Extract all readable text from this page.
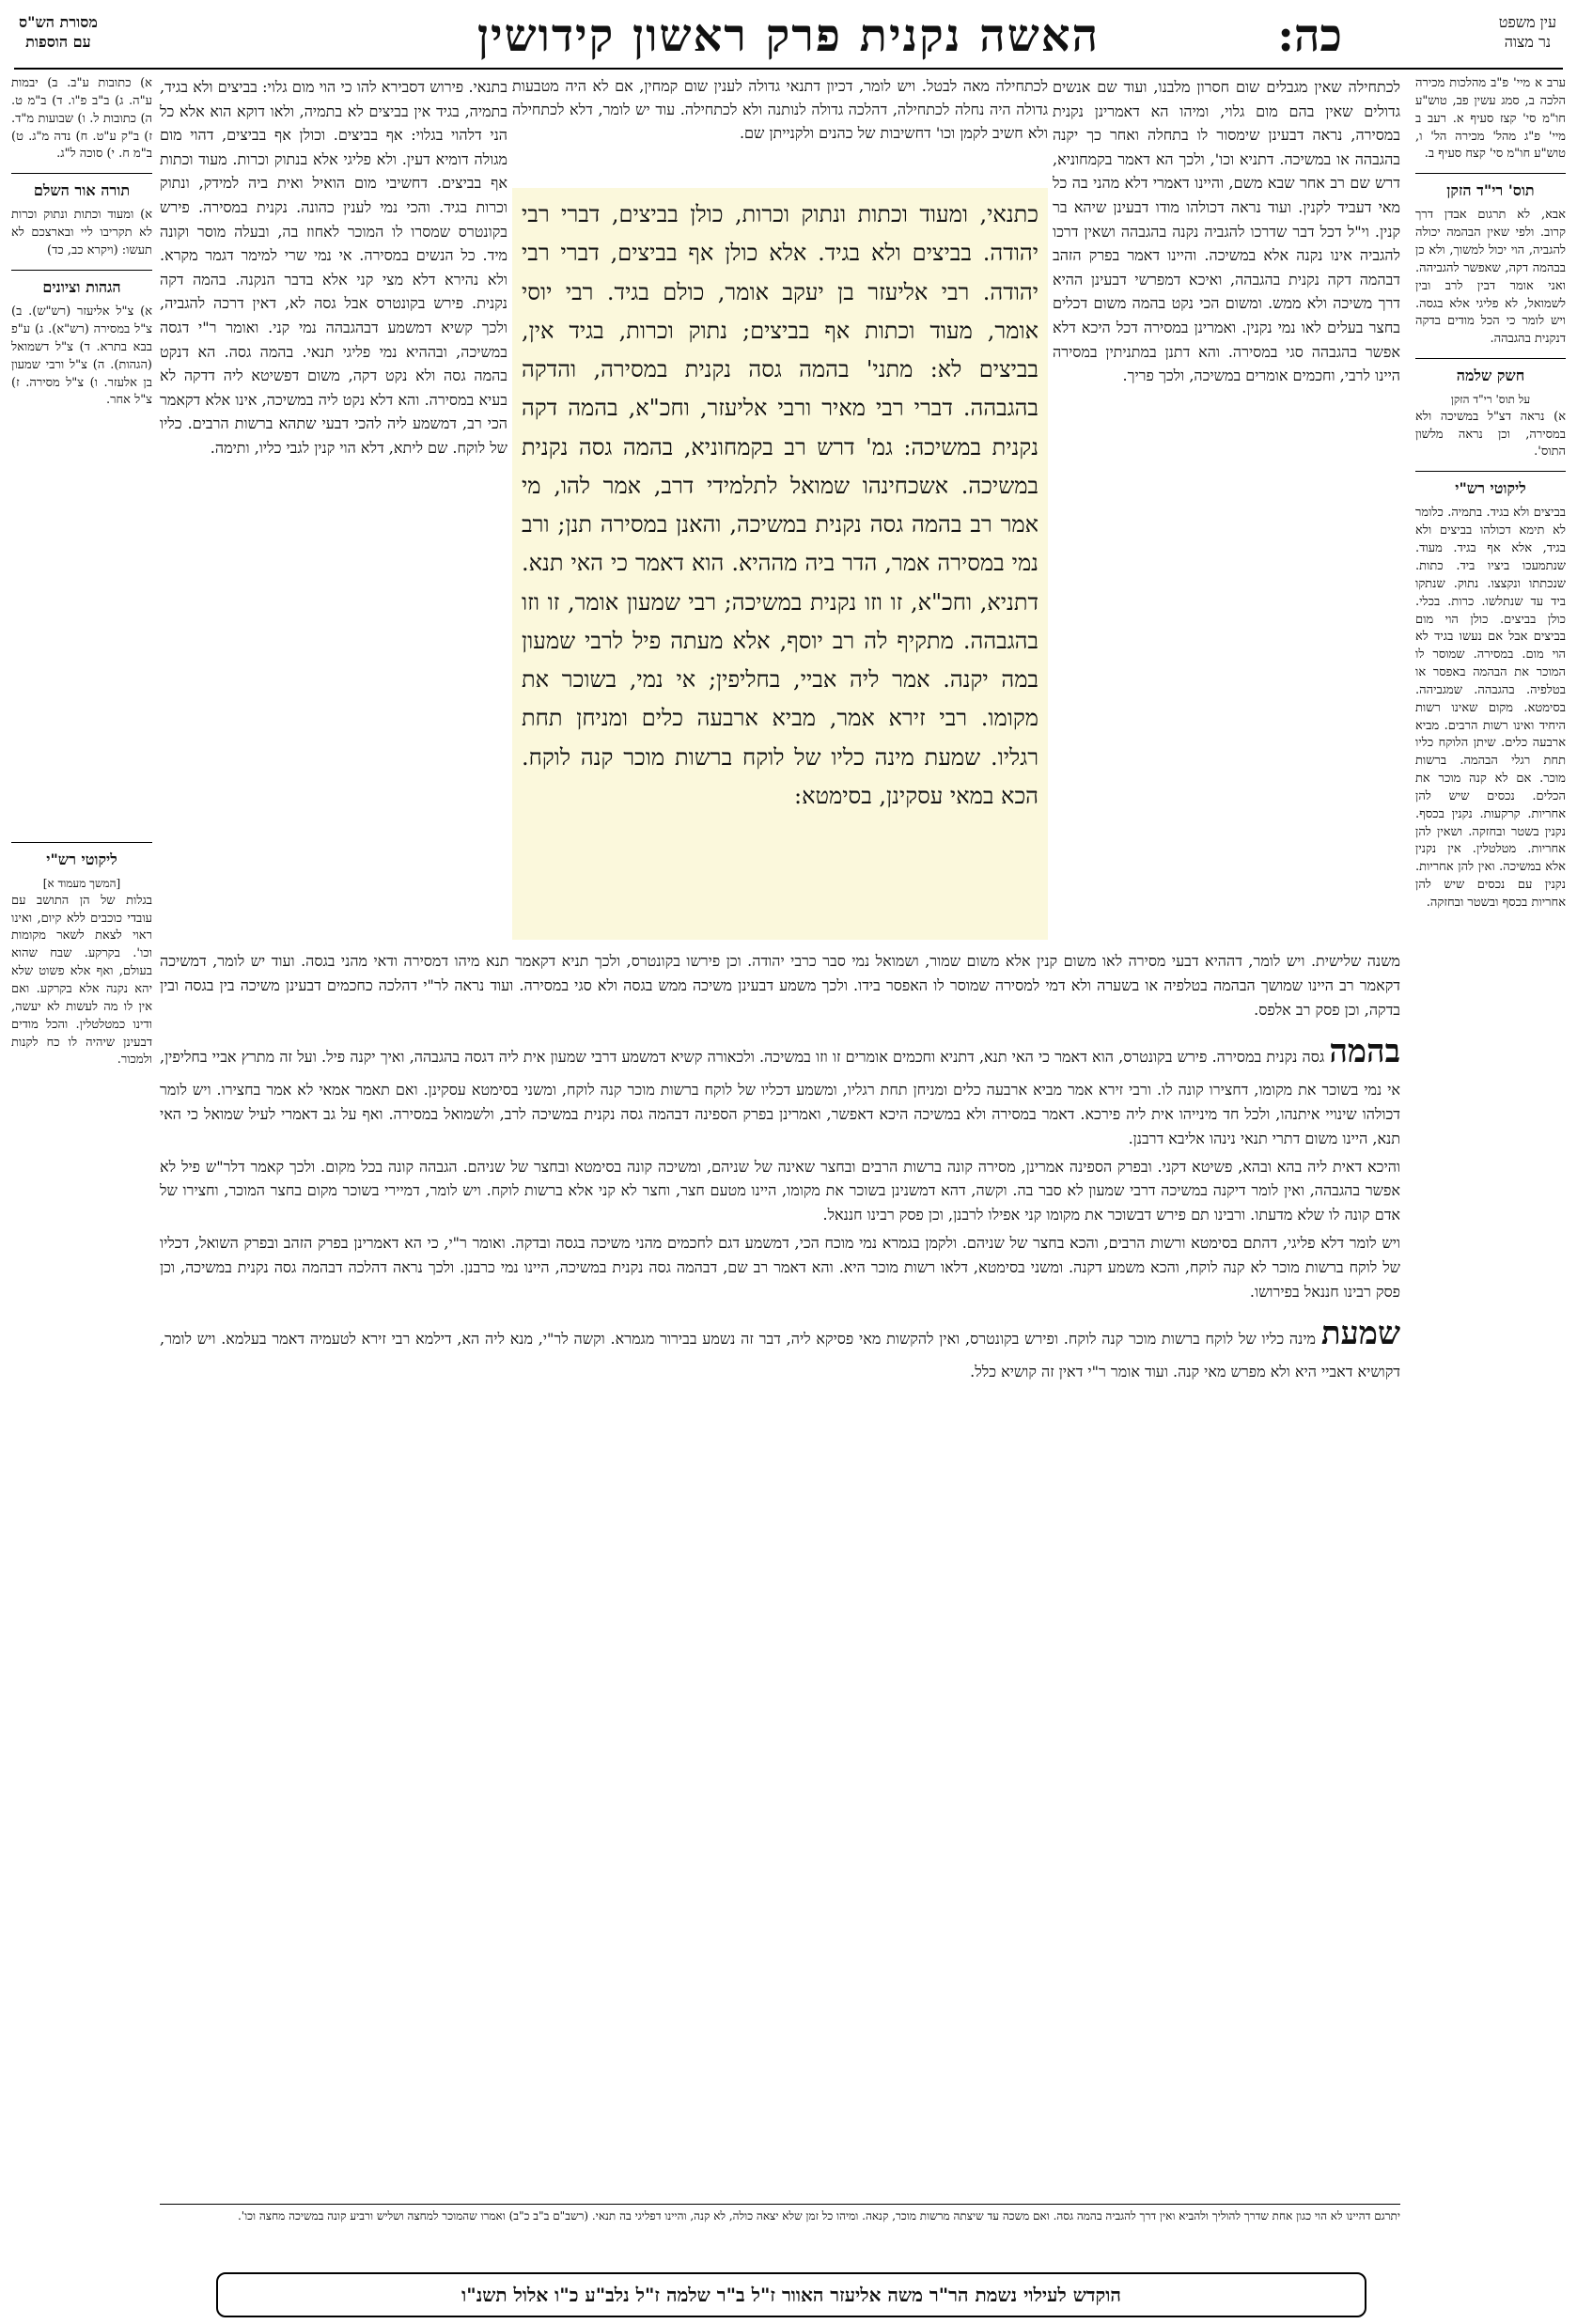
עין משפט
נר מצוה
כה:
האשה נקנית פרק ראשון קידושין
מסורת הש"ס
עם הוספות

ערב א מיי' פ"ב מהלכות מכירה הלכה ב, סמג עשין פב, טוש"ע חו"מ סי' קצז סעיף א. רעב ב מיי' פ"ג מהל' מכירה הל' ו, טוש"ע חו"מ סי' קצח סעיף ב.

תוס' רי"ד הזקן

אבא, לא תרגום אבדן דרך קרוב. ולפי שאין הבהמה יכולה להגביה, הוי יכול למשוך, ולא כן בבהמה דקה, שאפשר להגביהה. ואני אומר דבין לרב ובין לשמואל, לא פליגי אלא בגסה. ויש לומר כי הכל מודים בדקה דנקנית בהגבהה.

חשק שלמה
על תוס' רי"ד הזקן

א) נראה דצ"ל במשיכה ולא במסירה, וכן נראה מלשון התוס'.

ליקוטי רש"י

בביצים ולא בגיד. בתמיה. כלומר לא תימא דכולהו בביצים ולא בגיד, אלא אף בגיד. מעוד. שנתמעכו ביציו ביד. כתות. שנכתתו ונקצצו. נתוק. שנתקו ביד עד שנתלשו. כרות. בכלי. כולן בביצים. כולן הוי מום בביצים אבל אם נעשו בגיד לא הוי מום. במסירה. שמוסר לו המוכר את הבהמה באפסר או בטלפיה. בהגבהה. שמגביהה. בסימטא. מקום שאינו רשות היחיד ואינו רשות הרבים. מביא ארבעה כלים. שיתן הלוקח כליו תחת רגלי הבהמה. ברשות מוכר. אם לא קנה מוכר את הכלים. נכסים שיש להן אחריות. קרקעות. נקנין בכסף. נקנין בשטר ובחזקה. ושאין להן אחריות. מטלטלין. אין נקנין אלא במשיכה. ואין להן אחריות. נקנין עם נכסים שיש להן אחריות בכסף ובשטר ובחזקה.

א) כתובות ע"ב. ב) יבמות ע"ה. ג) ב"ב פ"ו. ד) ב"מ ט. ה) כתובות ל. ו) שבועות מ"ד. ז) ב"ק ע"ט. ח) נדה מ"ג. ט) ב"מ ח. י) סוכה ל"ג.

תורה אור השלם

א) ומעוד וכתות ונתוק וכרות לא תקריבו ליי ובארצכם לא תעשו: (ויקרא כב, כד)

הגהות וציונים

א) צ"ל אליעזר (רש"ש). ב) צ"ל במסירה (רש"א). ג) ע"פ בבא בתרא. ד) צ"ל דשמואל (הגהות). ה) צ"ל ורבי שמעון בן אלעזר. ו) צ"ל מסירה. ז) צ"ל אחר.

ליקוטי רש"י
[המשך מעמוד א]

בגלות של הן התושב עם עובדי כוכבים ללא קיום, ואינו ראוי לצאת לשאר מקומות וכו'. בקרקע. שבח שהוא בעולם, ואף אלא פשוט שלא יהא נקנה אלא בקרקע. ואם אין לו מה לעשות לא יעשה, ודינו כמטלטלין. והכל מודים דבעינן שיהיה לו כח לקנות ולמכור.

לכתחילה מאה לבטל. ויש לומר, דכיון דתנאי גדולה לענין שום קמחין, אם לא היה מטבעות גדולה היה נחלה לכתחילה, דהלכה גדולה לנותנה ולא לכתחילה. עוד יש לומר, דלא לכתחילה ולא חשיב לקמן וכו' דחשיבות של כהנים ולקנייתן שם.
לכתחילה שאין מגבלים שום חסרון מלבנו, ועוד שם אנשים גדולים שאין בהם מום גלוי, ומיהו הא דאמרינן נקנית במסירה, נראה דבעינן שימסור לו בתחלה ואחר כך יקנה בהגבהה או במשיכה. דתניא וכו', ולכך הא דאמר בקמחוניא, דרש שם רב אחר שבא משם, והיינו דאמרי דלא מהני בה כל מאי דעביד לקנין. ועוד נראה דכולהו מודו דבעינן שיהא בר קנין. וי"ל דכל דבר שדרכו להגביה נקנה בהגבהה ושאין דרכו להגביה אינו נקנה אלא במשיכה. והיינו דאמר בפרק הזהב דבהמה דקה נקנית בהגבהה, ואיכא דמפרשי דבעינן ההיא דרך משיכה ולא ממש. ומשום הכי נקט בהמה משום דכלים בחצר בעלים לאו נמי נקנין. ואמרינן במסירה דכל היכא דלא אפשר בהגבהה סגי במסירה. והא דתנן במתניתין במסירה היינו לרבי, וחכמים אומרים במשיכה, ולכך פריך.
כתנאי, ומעוד וכתות ונתוק וכרות, כולן בביצים, דברי רבי יהודה. בביצים ולא בגיד. אלא כולן אף בביצים, דברי רבי יהודה. רבי אליעזר בן יעקב אומר, כולם בגיד. רבי יוסי אומר, מעוד וכתות אף בביצים; נתוק וכרות, בגיד אין, בביצים לא: מתני' בהמה גסה נקנית במסירה, והדקה בהגבהה. דברי רבי מאיר ורבי אליעזר, וחכ"א, בהמה דקה נקנית במשיכה: גמ' דרש רב בקמחוניא, בהמה גסה נקנית במשיכה. אשכחינהו שמואל לתלמידי דרב, אמר להו, מי אמר רב בהמה גסה נקנית במשיכה, והאנן במסירה תנן; ורב נמי במסירה אמר, הדר ביה מההיא. הוא דאמר כי האי תנא. דתניא, וחכ"א, זו וזו נקנית במשיכה; רבי שמעון אומר, זו וזו בהגבהה. מתקיף לה רב יוסף, אלא מעתה פיל לרבי שמעון במה יקנה. אמר ליה אביי, בחליפין; אי נמי, בשוכר את מקומו. רבי זירא אמר, מביא ארבעה כלים ומניחן תחת רגליו. שמעת מינה כליו של לוקח ברשות מוכר קנה לוקח. הכא במאי עסקינן, בסימטא:
בתנאי. פירוש דסבירא להו כי הוי מום גלוי: בביצים ולא בגיד, בתמיה, בגיד אין בביצים לא בתמיה, ולאו דוקא הוא אלא כל הני דלהוי בגלוי: אף בביצים. וכולן אף בביצים, דהוי מום מגולה דומיא דעין. ולא פליגי אלא בנתוק וכרות. מעוד וכתות אף בביצים. דחשיבי מום הואיל ואית ביה למידק, ונתוק וכרות בגיד. והכי נמי לענין כהונה. נקנית במסירה. פירש בקונטרס שמסרו לו המוכר לאחוז בה, ובעלה מוסר וקונה מיד. כל הנשים במסירה. אי נמי שרי למימר דגמר מקרא. ולא נהירא דלא מצי קני אלא בדבר הנקנה. בהמה דקה נקנית. פירש בקונטרס אבל גסה לא, דאין דרכה להגביה, ולכך קשיא דמשמע דבהגבהה נמי קני. ואומר ר"י דגסה במשיכה, ובההיא נמי פליגי תנאי. בהמה גסה. הא דנקט בהמה גסה ולא נקט דקה, משום דפשיטא ליה דדקה לא בעיא במסירה. והא דלא נקט ליה במשיכה, אינו אלא דקאמר הכי רב, דמשמע ליה להכי דבעי שתהא ברשות הרבים. כליו של לוקח. שם ליתא, דלא הוי קנין לגבי כליו, ותימה.

משנה שלישית. ויש לומר, דההיא דבעי מסירה לאו משום קנין אלא משום שמור, ושמואל נמי סבר כרבי יהודה. וכן פירשו בקונטרס, ולכך תניא דקאמר תנא מיהו דמסירה ודאי מהני בגסה. ועוד יש לומר, דמשיכה דקאמר רב היינו שמושך הבהמה בטלפיה או בשערה ולא דמי למסירה שמוסר לו האפסר בידו. ולכך משמע דבעינן משיכה ממש בגסה ולא סגי במסירה. ועוד נראה לר"י דהלכה כחכמים דבעינן משיכה בין בגסה ובין בדקה, וכן פסק רב אלפס.

בהמה גסה נקנית במסירה. פירש בקונטרס, הוא דאמר כי האי תנא, דתניא וחכמים אומרים זו וזו במשיכה. ולכאורה קשיא דמשמע דרבי שמעון אית ליה דגסה בהגבהה, ואיך יקנה פיל. ועל זה מתרץ אביי בחליפין, אי נמי בשוכר את מקומו, דחצירו קונה לו. ורבי זירא אמר מביא ארבעה כלים ומניחן תחת רגליו, ומשמע דכליו של לוקח ברשות מוכר קנה לוקח, ומשני בסימטא עסקינן. ואם תאמר אמאי לא אמר בחצירו. ויש לומר דכולהו שינויי איתנהו, ולכל חד מינייהו אית ליה פירכא. דאמר במסירה ולא במשיכה היכא דאפשר, ואמרינן בפרק הספינה דבהמה גסה נקנית במשיכה לרב, ולשמואל במסירה. ואף על גב דאמרי לעיל שמואל כי האי תנא, היינו משום דתרי תנאי נינהו אליבא דרבנן.

והיכא דאית ליה בהא ובהא, פשיטא דקני. ובפרק הספינה אמרינן, מסירה קונה ברשות הרבים ובחצר שאינה של שניהם, ומשיכה קונה בסימטא ובחצר של שניהם. הגבהה קונה בכל מקום. ולכך קאמר דלר"ש פיל לא אפשר בהגבהה, ואין לומר דיקנה במשיכה דרבי שמעון לא סבר בה. וקשה, דהא דמשנינן בשוכר את מקומו, היינו מטעם חצר, וחצר לא קני אלא ברשות לוקח. ויש לומר, דמיירי בשוכר מקום בחצר המוכר, וחצירו של אדם קונה לו שלא מדעתו. ורבינו תם פירש דבשוכר את מקומו קני אפילו לרבנן, וכן פסק רבינו חננאל.

ויש לומר דלא פליגי, דהתם בסימטא ורשות הרבים, והכא בחצר של שניהם. ולקמן בגמרא נמי מוכח הכי, דמשמע דגם לחכמים מהני משיכה בגסה ובדקה. ואומר ר"י, כי הא דאמרינן בפרק הזהב ובפרק השואל, דכליו של לוקח ברשות מוכר לא קנה לוקח, והכא משמע דקנה. ומשני בסימטא, דלאו רשות מוכר היא. והא דאמר רב שם, דבהמה גסה נקנית במשיכה, היינו נמי כרבנן. ולכך נראה דהלכה דבהמה גסה נקנית במשיכה, וכן פסק רבינו חננאל בפירושו.

שמעת מינה כליו של לוקח ברשות מוכר קנה לוקח. ופירש בקונטרס, ואין להקשות מאי פסיקא ליה, דבר זה נשמע בבירור מגמרא. וקשה לר"י, מנא ליה הא, דילמא רבי זירא לטעמיה דאמר בעלמא. ויש לומר, דקושיא דאביי היא ולא מפרש מאי קנה. ועוד אומר ר"י דאין זה קושיא כלל.

יתרגם דהיינו לא הוי כגון אחת שדרך להוליך ולהביא ואין דרך להגביה בהמה גסה. ואם משכה עד שיצתה מרשות מוכר, קנאה. ומיהו כל זמן שלא יצאה כולה, לא קנה, והיינו דפליגי בה תנאי. (רשב"ם ב"ב כ"ב) ואמרו שהמוכר למחצה ושליש ורביע קונה במשיכה מחצה וכו'.
הוקדש לעילוי נשמת הר"ר משה אליעזר האוור ז"ל ב"ר שלמה ז"ל נלב"ע כ"ו אלול תשנ"ו
